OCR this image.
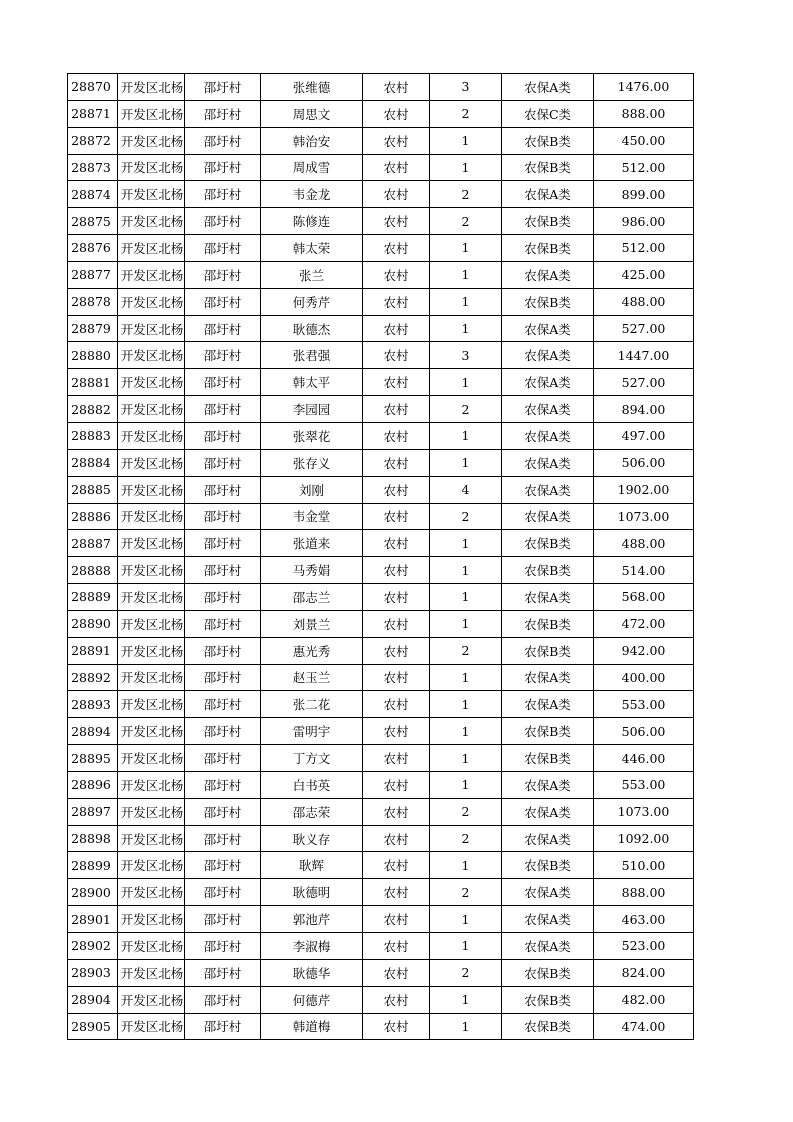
28870	开发区北杨	邵圩村	张维德	农村	3	农保A类	1476.00
28871	开发区北杨	邵圩村	周思文	农村	2	农保C类	888.00
28872	开发区北杨	邵圩村	韩治安	农村	1	农保B类	450.00
28873	开发区北杨	邵圩村	周成雪	农村	1	农保B类	512.00
28874	开发区北杨	邵圩村	韦金龙	农村	2	农保A类	899.00
28875	开发区北杨	邵圩村	陈修连	农村	2	农保B类	986.00
28876	开发区北杨	邵圩村	韩太荣	农村	1	农保B类	512.00
28877	开发区北杨	邵圩村	张兰	农村	1	农保A类	425.00
28878	开发区北杨	邵圩村	何秀芹	农村	1	农保B类	488.00
28879	开发区北杨	邵圩村	耿德杰	农村	1	农保A类	527.00
28880	开发区北杨	邵圩村	张君强	农村	3	农保A类	1447.00
28881	开发区北杨	邵圩村	韩太平	农村	1	农保A类	527.00
28882	开发区北杨	邵圩村	李园园	农村	2	农保A类	894.00
28883	开发区北杨	邵圩村	张翠花	农村	1	农保A类	497.00
28884	开发区北杨	邵圩村	张存义	农村	1	农保A类	506.00
28885	开发区北杨	邵圩村	刘刚	农村	4	农保A类	1902.00
28886	开发区北杨	邵圩村	韦金堂	农村	2	农保A类	1073.00
28887	开发区北杨	邵圩村	张道来	农村	1	农保B类	488.00
28888	开发区北杨	邵圩村	马秀娟	农村	1	农保B类	514.00
28889	开发区北杨	邵圩村	邵志兰	农村	1	农保A类	568.00
28890	开发区北杨	邵圩村	刘景兰	农村	1	农保B类	472.00
28891	开发区北杨	邵圩村	惠光秀	农村	2	农保B类	942.00
28892	开发区北杨	邵圩村	赵玉兰	农村	1	农保A类	400.00
28893	开发区北杨	邵圩村	张二花	农村	1	农保A类	553.00
28894	开发区北杨	邵圩村	雷明宇	农村	1	农保B类	506.00
28895	开发区北杨	邵圩村	丁方文	农村	1	农保B类	446.00
28896	开发区北杨	邵圩村	白书英	农村	1	农保A类	553.00
28897	开发区北杨	邵圩村	邵志荣	农村	2	农保A类	1073.00
28898	开发区北杨	邵圩村	耿义存	农村	2	农保A类	1092.00
28899	开发区北杨	邵圩村	耿辉	农村	1	农保B类	510.00
28900	开发区北杨	邵圩村	耿德明	农村	2	农保A类	888.00
28901	开发区北杨	邵圩村	郭池芹	农村	1	农保A类	463.00
28902	开发区北杨	邵圩村	李淑梅	农村	1	农保A类	523.00
28903	开发区北杨	邵圩村	耿德华	农村	2	农保B类	824.00
28904	开发区北杨	邵圩村	何德芹	农村	1	农保B类	482.00
28905	开发区北杨	邵圩村	韩道梅	农村	1	农保B类	474.00
